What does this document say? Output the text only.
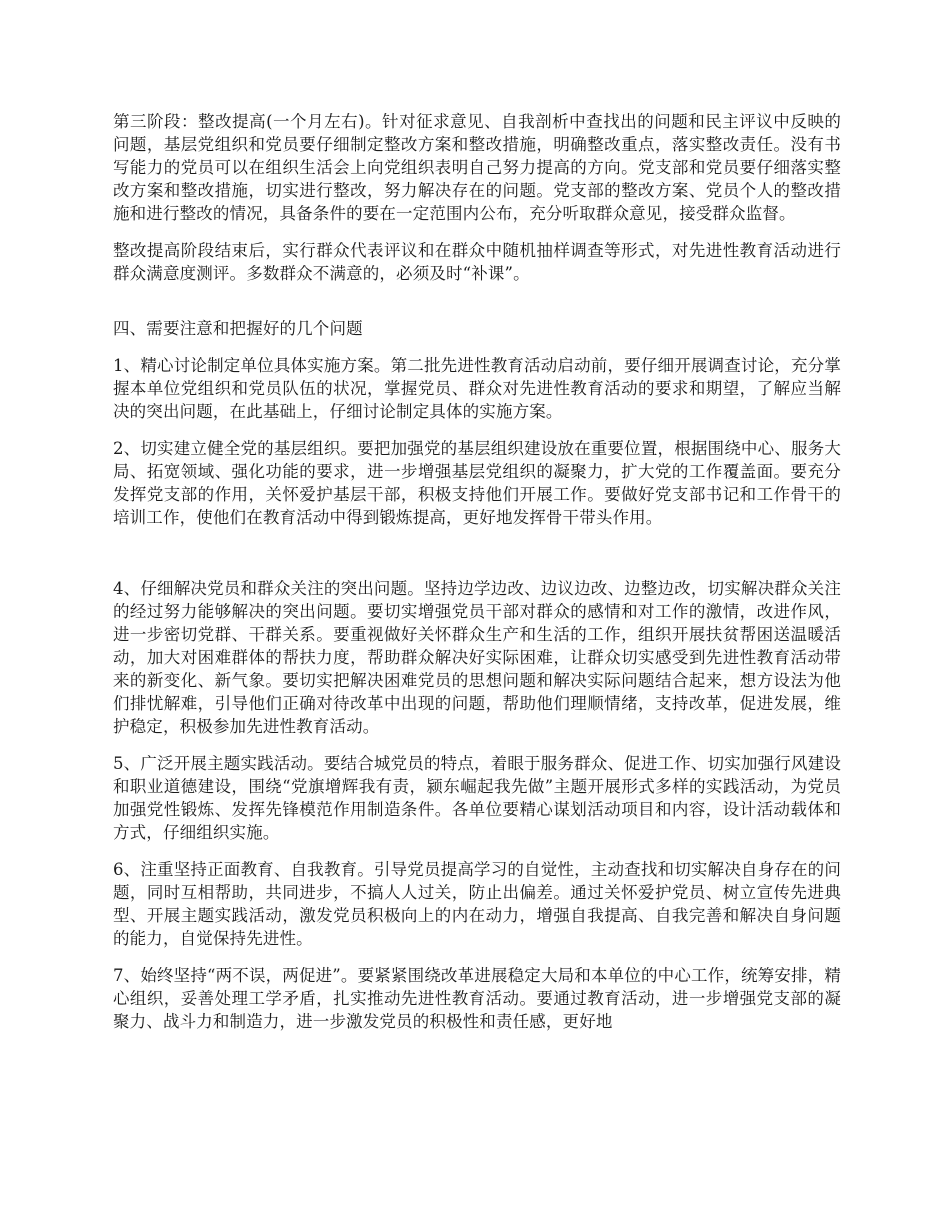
第三阶段：整改提高(一个月左右)。针对征求意见、自我剖析中查找出的问题和民主评议中反映的问题，基层党组织和党员要仔细制定整改方案和整改措施，明确整改重点，落实整改责任。没有书写能力的党员可以在组织生活会上向党组织表明自己努力提高的方向。党支部和党员要仔细落实整改方案和整改措施，切实进行整改，努力解决存在的问题。党支部的整改方案、党员个人的整改措施和进行整改的情况，具备条件的要在一定范围内公布，充分听取群众意见，接受群众监督。

整改提高阶段结束后，实行群众代表评议和在群众中随机抽样调查等形式，对先进性教育活动进行群众满意度测评。多数群众不满意的，必须及时“补课”。

四、需要注意和把握好的几个问题

1、精心讨论制定单位具体实施方案。第二批先进性教育活动启动前，要仔细开展调查讨论，充分掌握本单位党组织和党员队伍的状况，掌握党员、群众对先进性教育活动的要求和期望，了解应当解决的突出问题，在此基础上，仔细讨论制定具体的实施方案。

2、切实建立健全党的基层组织。要把加强党的基层组织建设放在重要位置，根据围绕中心、服务大局、拓宽领域、强化功能的要求，进一步增强基层党组织的凝聚力，扩大党的工作覆盖面。要充分发挥党支部的作用，关怀爱护基层干部，积极支持他们开展工作。要做好党支部书记和工作骨干的培训工作，使他们在教育活动中得到锻炼提高，更好地发挥骨干带头作用。

4、仔细解决党员和群众关注的突出问题。坚持边学边改、边议边改、边整边改，切实解决群众关注的经过努力能够解决的突出问题。要切实增强党员干部对群众的感情和对工作的激情，改进作风，进一步密切党群、干群关系。要重视做好关怀群众生产和生活的工作，组织开展扶贫帮困送温暖活动，加大对困难群体的帮扶力度，帮助群众解决好实际困难，让群众切实感受到先进性教育活动带来的新变化、新气象。要切实把解决困难党员的思想问题和解决实际问题结合起来，想方设法为他们排忧解难，引导他们正确对待改革中出现的问题，帮助他们理顺情绪，支持改革，促进发展，维护稳定，积极参加先进性教育活动。

5、广泛开展主题实践活动。要结合城党员的特点，着眼于服务群众、促进工作、切实加强行风建设和职业道德建设，围绕“党旗增辉我有责，颍东崛起我先做”主题开展形式多样的实践活动，为党员加强党性锻炼、发挥先锋模范作用制造条件。各单位要精心谋划活动项目和内容，设计活动载体和方式，仔细组织实施。

6、注重坚持正面教育、自我教育。引导党员提高学习的自觉性，主动查找和切实解决自身存在的问题，同时互相帮助，共同进步，不搞人人过关，防止出偏差。通过关怀爱护党员、树立宣传先进典型、开展主题实践活动，激发党员积极向上的内在动力，增强自我提高、自我完善和解决自身问题的能力，自觉保持先进性。

7、始终坚持“两不误，两促进”。要紧紧围绕改革进展稳定大局和本单位的中心工作，统筹安排，精心组织，妥善处理工学矛盾，扎实推动先进性教育活动。要通过教育活动，进一步增强党支部的凝聚力、战斗力和制造力，进一步激发党员的积极性和责任感，更好地
